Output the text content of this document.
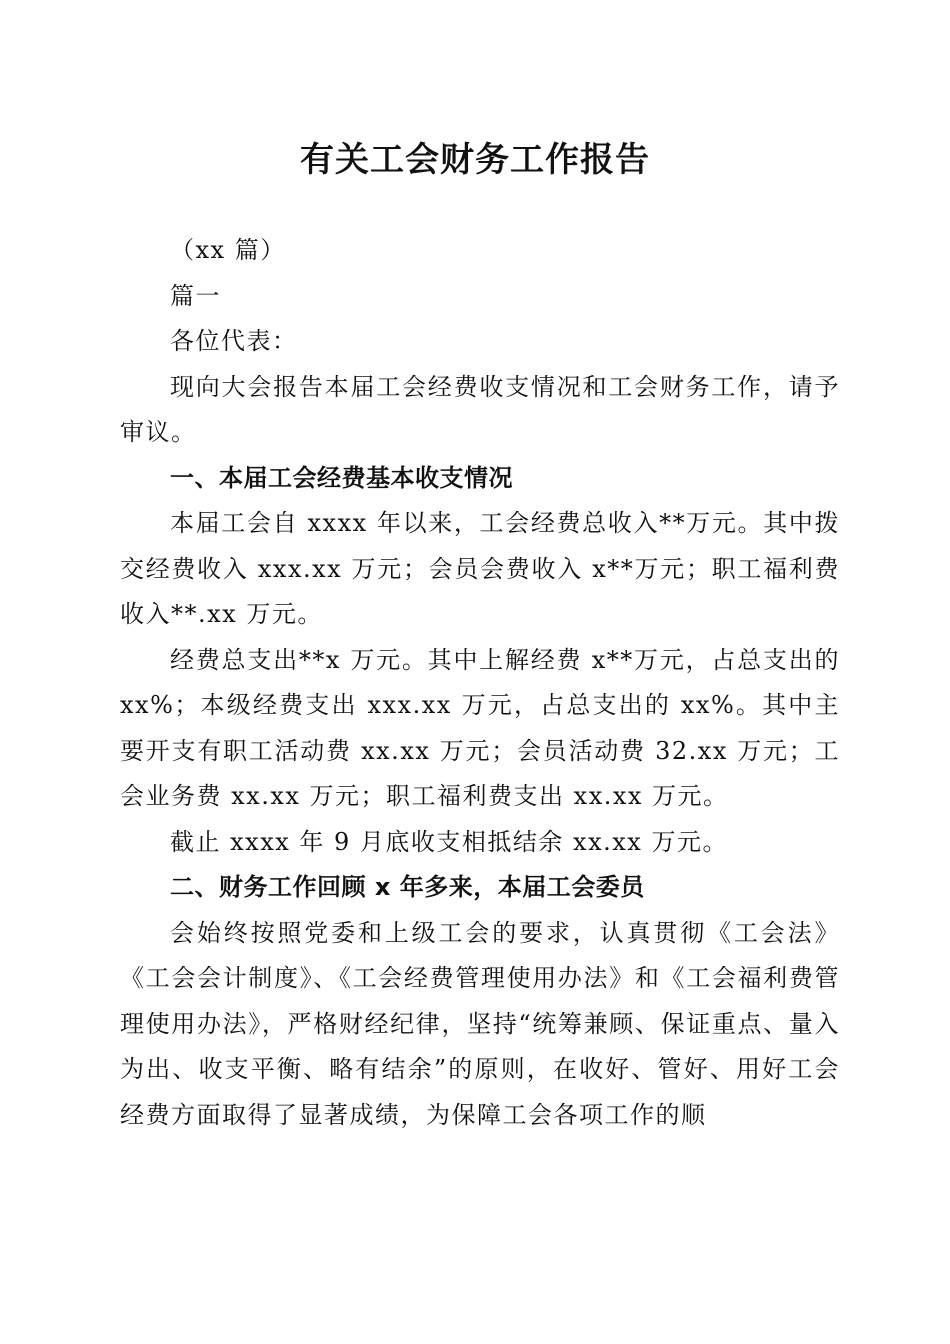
有关工会财务工作报告

（xx 篇）

篇一

各位代表：

现向大会报告本届工会经费收支情况和工会财务工作，请予审议。

一、本届工会经费基本收支情况

本届工会自 xxxx 年以来，工会经费总收入**万元。其中拨交经费收入 xxx.xx 万元；会员会费收入 x**万元；职工福利费收入**.xx 万元。

经费总支出**x 万元。其中上解经费 x**万元，占总支出的 xx%；本级经费支出 xxx.xx 万元，占总支出的 xx%。其中主要开支有职工活动费 xx.xx 万元；会员活动费 32.xx 万元；工会业务费 xx.xx 万元；职工福利费支出 xx.xx 万元。

截止 xxxx 年 9 月底收支相抵结余 xx.xx 万元。

二、财务工作回顾 x 年多来，本届工会委员

会始终按照党委和上级工会的要求，认真贯彻《工会法》《工会会计制度》、《工会经费管理使用办法》和《工会福利费管理使用办法》，严格财经纪律，坚持“统筹兼顾、保证重点、量入为出、收支平衡、略有结余”的原则，在收好、管好、用好工会经费方面取得了显著成绩，为保障工会各项工作的顺
